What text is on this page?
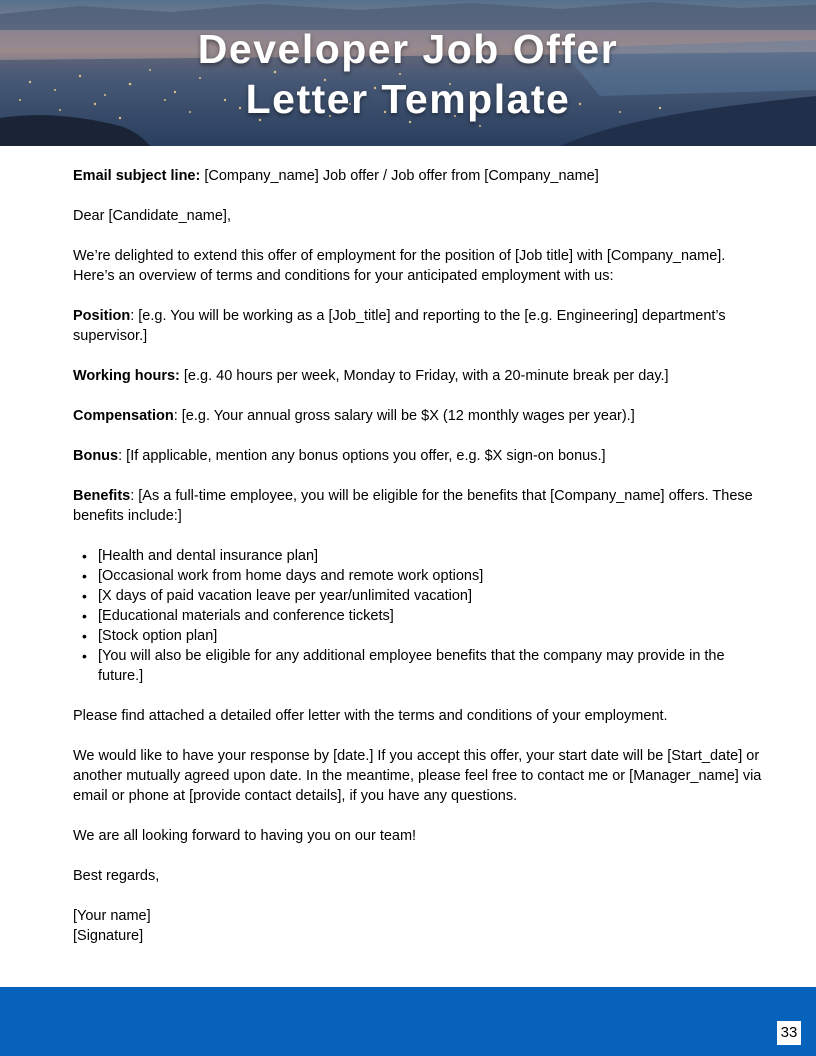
Developer Job Offer
Letter Template

Email subject line: [Company_name] Job offer / Job offer from [Company_name]

Dear [Candidate_name],

We’re delighted to extend this offer of employment for the position of [Job title] with [Company_name]. Here’s an overview of terms and conditions for your anticipated employment with us:

Position: [e.g. You will be working as a [Job_title] and reporting to the [e.g. Engineering] department’s supervisor.]

Working hours: [e.g. 40 hours per week, Monday to Friday, with a 20-minute break per day.]

Compensation: [e.g. Your annual gross salary will be $X (12 monthly wages per year).]

Bonus: [If applicable, mention any bonus options you offer, e.g. $X sign-on bonus.]

Benefits: [As a full-time employee, you will be eligible for the benefits that [Company_name] offers. These benefits include:]

• [Health and dental insurance plan]
• [Occasional work from home days and remote work options]
• [X days of paid vacation leave per year/unlimited vacation]
• [Educational materials and conference tickets]
• [Stock option plan]
• [You will also be eligible for any additional employee benefits that the company may provide in the future.]

Please find attached a detailed offer letter with the terms and conditions of your employment.

We would like to have your response by [date.] If you accept this offer, your start date will be [Start_date] or another mutually agreed upon date. In the meantime, please feel free to contact me or [Manager_name] via email or phone at [provide contact details], if you have any questions.

We are all looking forward to having you on our team!

Best regards,

[Your name]
[Signature]
33
